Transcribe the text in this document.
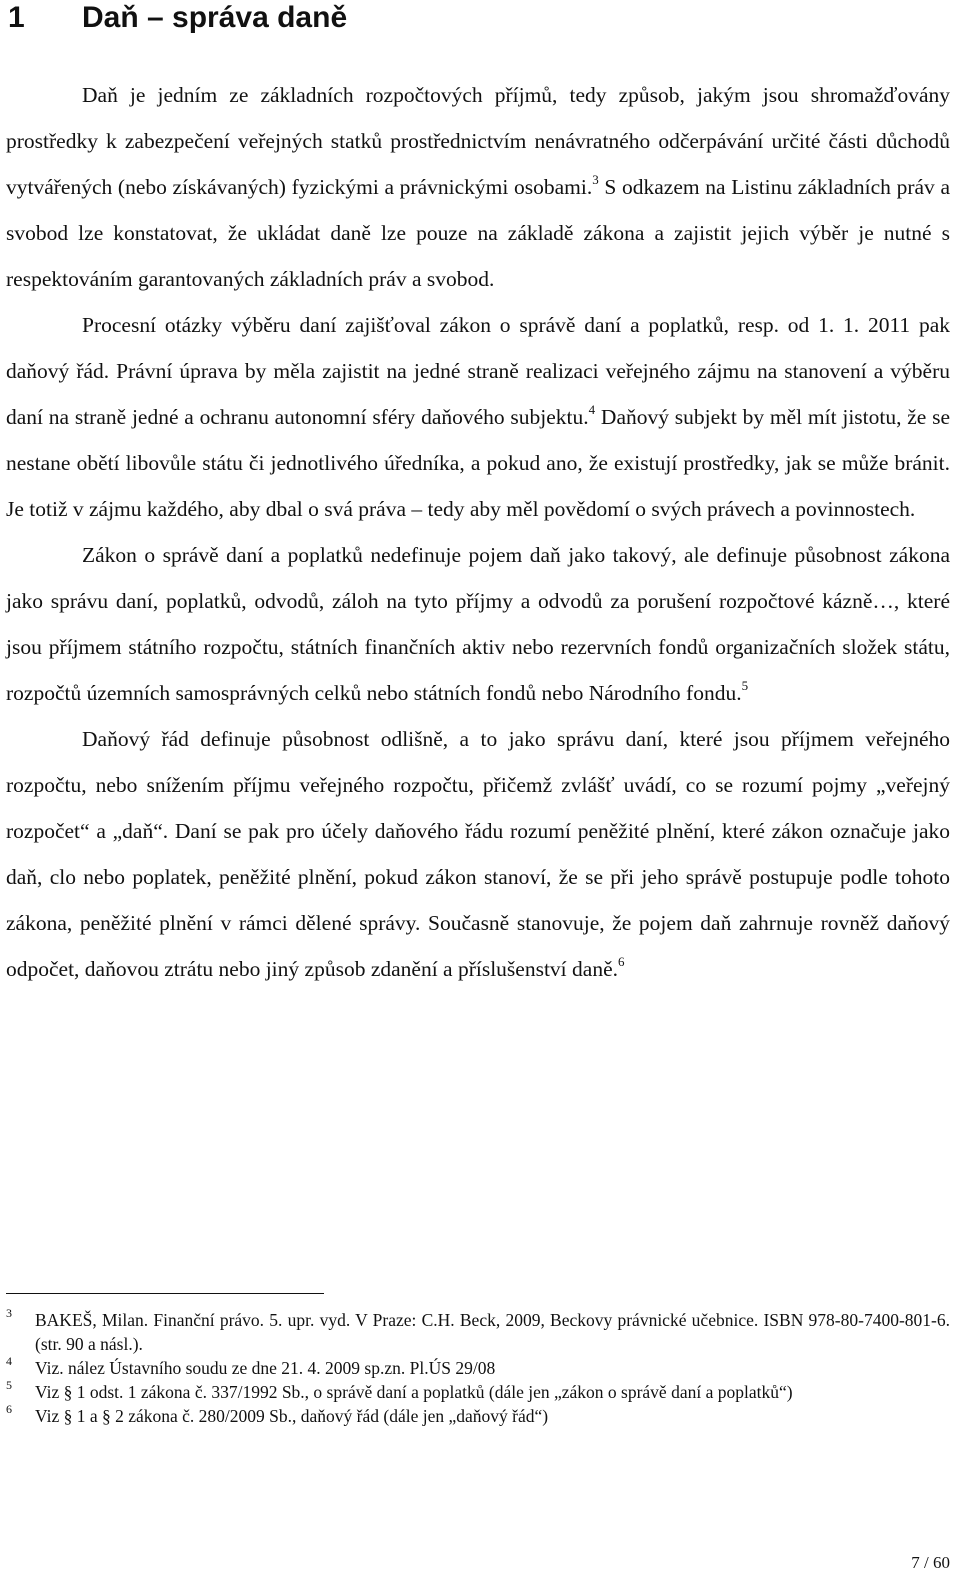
1 Daň – správa daně

Daň je jedním ze základních rozpočtových příjmů, tedy způsob, jakým jsou shromažďovány prostředky k zabezpečení veřejných statků prostřednictvím nenávratného odčerpávání určité části důchodů vytvářených (nebo získávaných) fyzickými a právnickými osobami.$^3$ S odkazem na Listinu základních práv a svobod lze konstatovat, že ukládat daně lze pouze na základě zákona a zajistit jejich výběr je nutné s respektováním garantovaných základních práv a svobod.

Procesní otázky výběru daní zajišťoval zákon o správě daní a poplatků, resp. od 1. 1. 2011 pak daňový řád. Právní úprava by měla zajistit na jedné straně realizaci veřejného zájmu na stanovení a výběru daní na straně jedné a ochranu autonomní sféry daňového subjektu.$^4$ Daňový subjekt by měl mít jistotu, že se nestane obětí libovůle státu či jednotlivého úředníka, a pokud ano, že existují prostředky, jak se může bránit. Je totiž v zájmu každého, aby dbal o svá práva – tedy aby měl povědomí o svých právech a povinnostech.

Zákon o správě daní a poplatků nedefinuje pojem daň jako takový, ale definuje působnost zákona jako správu daní, poplatků, odvodů, záloh na tyto příjmy a odvodů za porušení rozpočtové kázně…, které jsou příjmem státního rozpočtu, státních finančních aktiv nebo rezervních fondů organizačních složek státu, rozpočtů územních samosprávných celků nebo státních fondů nebo Národního fondu.$^5$

Daňový řád definuje působnost odlišně, a to jako správu daní, které jsou příjmem veřejného rozpočtu, nebo snížením příjmu veřejného rozpočtu, přičemž zvlášť uvádí, co se rozumí pojmy „veřejný rozpočet“ a „daň“. Daní se pak pro účely daňového řádu rozumí peněžité plnění, které zákon označuje jako daň, clo nebo poplatek, peněžité plnění, pokud zákon stanoví, že se při jeho správě postupuje podle tohoto zákona, peněžité plnění v rámci dělené správy. Současně stanovuje, že pojem daň zahrnuje rovněž daňový odpočet, daňovou ztrátu nebo jiný způsob zdanění a příslušenství daně.$^6$

3 BAKEŠ, Milan. Finanční právo. 5. upr. vyd. V Praze: C.H. Beck, 2009, Beckovy právnické učebnice. ISBN 978-80-7400-801-6. (str. 90 a násl.).

4 Viz. nález Ústavního soudu ze dne 21. 4. 2009 sp.zn. Pl.ÚS 29/08

5 Viz § 1 odst. 1 zákona č. 337/1992 Sb., o správě daní a poplatků (dále jen „zákon o správě daní a poplatků“)

6 Viz § 1 a § 2 zákona č. 280/2009 Sb., daňový řád (dále jen „daňový řád“)

7 / 60
